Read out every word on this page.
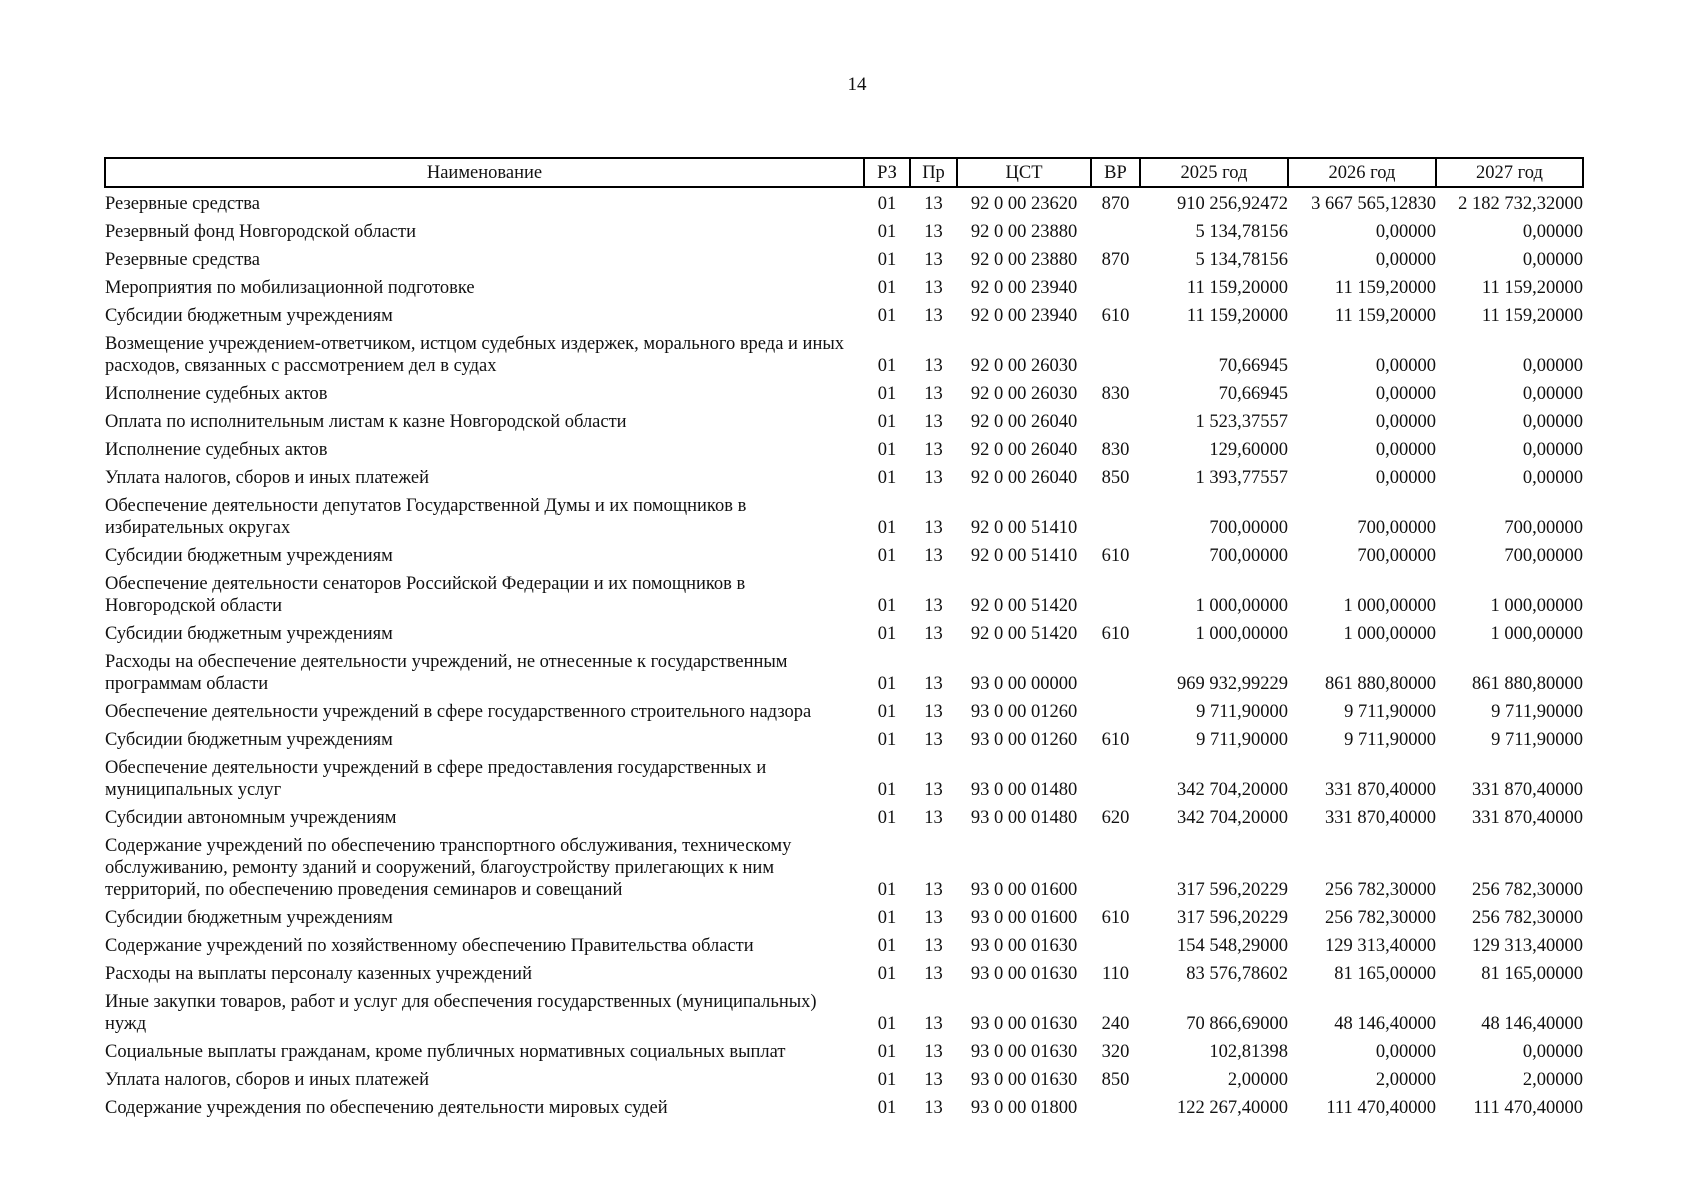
14
Наименование	РЗ	Пр	ЦСТ	ВР	2025 год	2026 год	2027 год
Резервные средства	01	13	92 0 00 23620	870	910 256,92472	3 667 565,12830	2 182 732,32000
Резервный фонд Новгородской области	01	13	92 0 00 23880		5 134,78156	0,00000	0,00000
Резервные средства	01	13	92 0 00 23880	870	5 134,78156	0,00000	0,00000
Мероприятия по мобилизационной подготовке	01	13	92 0 00 23940		11 159,20000	11 159,20000	11 159,20000
Субсидии бюджетным учреждениям	01	13	92 0 00 23940	610	11 159,20000	11 159,20000	11 159,20000
Возмещение учреждением-ответчиком, истцом судебных издержек, морального вреда и иных расходов, связанных с рассмотрением дел в судах	01	13	92 0 00 26030		70,66945	0,00000	0,00000
Исполнение судебных актов	01	13	92 0 00 26030	830	70,66945	0,00000	0,00000
Оплата по исполнительным листам к казне Новгородской области	01	13	92 0 00 26040		1 523,37557	0,00000	0,00000
Исполнение судебных актов	01	13	92 0 00 26040	830	129,60000	0,00000	0,00000
Уплата налогов, сборов и иных платежей	01	13	92 0 00 26040	850	1 393,77557	0,00000	0,00000
Обеспечение деятельности депутатов Государственной Думы и их помощников в избирательных округах	01	13	92 0 00 51410		700,00000	700,00000	700,00000
Субсидии бюджетным учреждениям	01	13	92 0 00 51410	610	700,00000	700,00000	700,00000
Обеспечение деятельности сенаторов Российской Федерации и их помощников в Новгородской области	01	13	92 0 00 51420		1 000,00000	1 000,00000	1 000,00000
Субсидии бюджетным учреждениям	01	13	92 0 00 51420	610	1 000,00000	1 000,00000	1 000,00000
Расходы на обеспечение деятельности учреждений, не отнесенные к государственным программам области	01	13	93 0 00 00000		969 932,99229	861 880,80000	861 880,80000
Обеспечение деятельности учреждений в сфере государственного строительного надзора	01	13	93 0 00 01260		9 711,90000	9 711,90000	9 711,90000
Субсидии бюджетным учреждениям	01	13	93 0 00 01260	610	9 711,90000	9 711,90000	9 711,90000
Обеспечение деятельности учреждений в сфере предоставления государственных и муниципальных услуг	01	13	93 0 00 01480		342 704,20000	331 870,40000	331 870,40000
Субсидии автономным учреждениям	01	13	93 0 00 01480	620	342 704,20000	331 870,40000	331 870,40000
Содержание учреждений по обеспечению транспортного обслуживания, техническому обслуживанию, ремонту зданий и сооружений, благоустройству прилегающих к ним территорий, по обеспечению проведения семинаров и совещаний	01	13	93 0 00 01600		317 596,20229	256 782,30000	256 782,30000
Субсидии бюджетным учреждениям	01	13	93 0 00 01600	610	317 596,20229	256 782,30000	256 782,30000
Содержание учреждений по хозяйственному обеспечению Правительства области	01	13	93 0 00 01630		154 548,29000	129 313,40000	129 313,40000
Расходы на выплаты персоналу казенных учреждений	01	13	93 0 00 01630	110	83 576,78602	81 165,00000	81 165,00000
Иные закупки товаров, работ и услуг для обеспечения государственных (муниципальных) нужд	01	13	93 0 00 01630	240	70 866,69000	48 146,40000	48 146,40000
Социальные выплаты гражданам, кроме публичных нормативных социальных выплат	01	13	93 0 00 01630	320	102,81398	0,00000	0,00000
Уплата налогов, сборов и иных платежей	01	13	93 0 00 01630	850	2,00000	2,00000	2,00000
Содержание учреждения по обеспечению деятельности мировых судей	01	13	93 0 00 01800		122 267,40000	111 470,40000	111 470,40000
